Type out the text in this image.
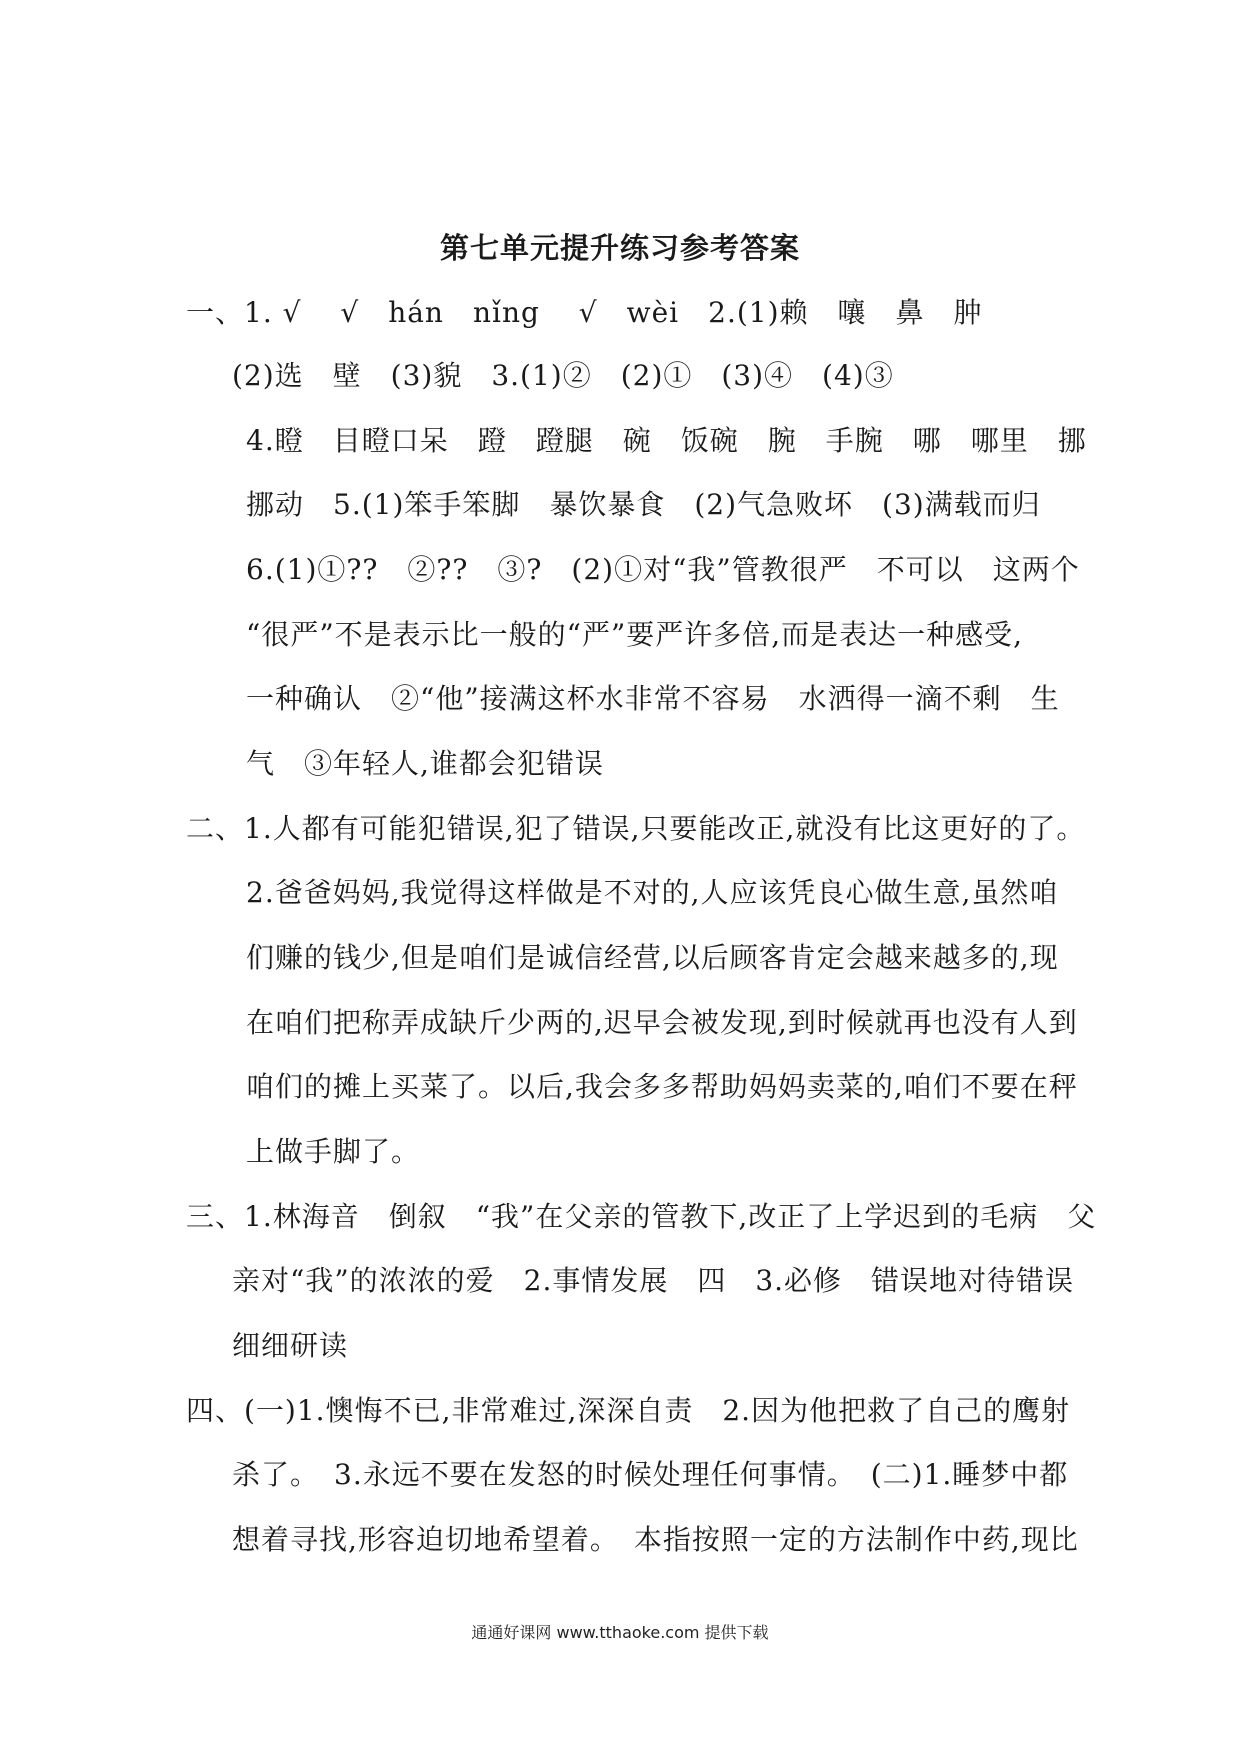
第七单元提升练习参考答案
一、1. √　 √　hán　nǐng　 √　wèi　2.(1)赖　嚷　鼻　肿
(2)选　壁　(3)貌　3.(1)②　(2)①　(3)④　(4)③
4.瞪　目瞪口呆　蹬　蹬腿　碗　饭碗　腕　手腕　哪　哪里　挪
挪动　5.(1)笨手笨脚　暴饮暴食　(2)气急败坏　(3)满载而归
6.(1)①??　②??　③?　(2)①对“我”管教很严　不可以　这两个
“很严”不是表示比一般的“严”要严许多倍,而是表达一种感受,
一种确认　②“他”接满这杯水非常不容易　水洒得一滴不剩　生
气　③年轻人,谁都会犯错误
二、1.人都有可能犯错误,犯了错误,只要能改正,就没有比这更好的了。
2.爸爸妈妈,我觉得这样做是不对的,人应该凭良心做生意,虽然咱
们赚的钱少,但是咱们是诚信经营,以后顾客肯定会越来越多的,现
在咱们把称弄成缺斤少两的,迟早会被发现,到时候就再也没有人到
咱们的摊上买菜了。以后,我会多多帮助妈妈卖菜的,咱们不要在秤
上做手脚了。
三、1.林海音　倒叙　“我”在父亲的管教下,改正了上学迟到的毛病　父
亲对“我”的浓浓的爱　2.事情发展　四　3.必修　错误地对待错误
细细研读
四、(一)1.懊悔不已,非常难过,深深自责　2.因为他把救了自己的鹰射
杀了。　3.永远不要在发怒的时候处理任何事情。　(二)1.睡梦中都
想着寻找,形容迫切地希望着。　本指按照一定的方法制作中药,现比
通通好课网 www.tthaoke.com 提供下载
